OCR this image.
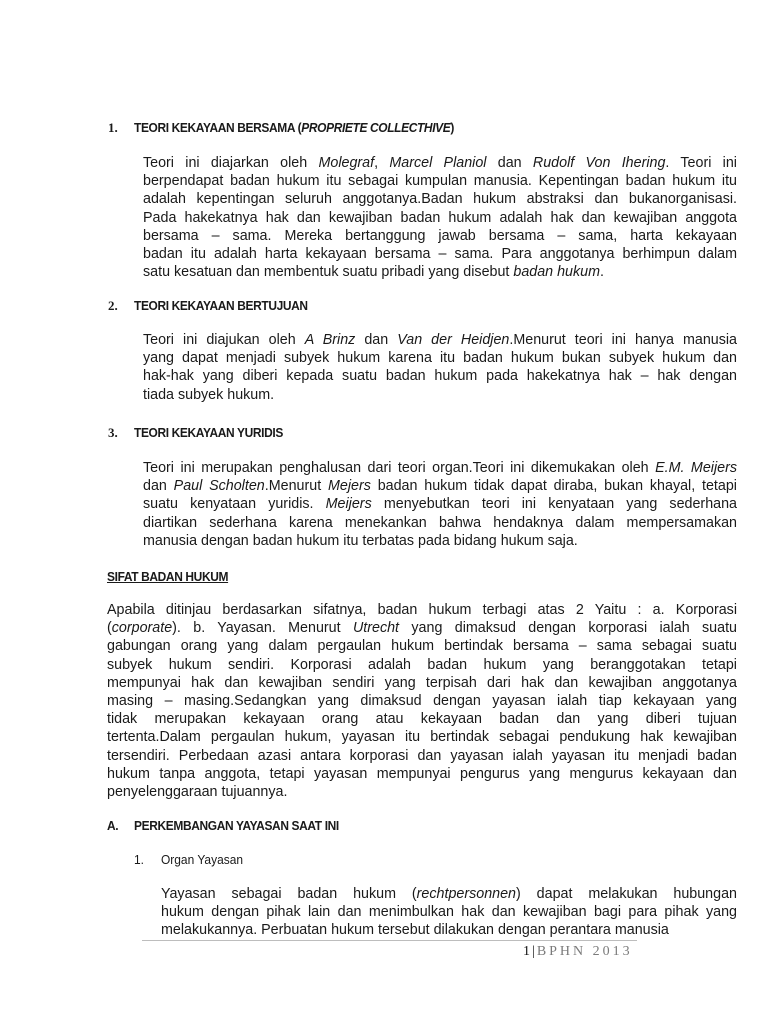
1. TEORI KEKAYAAN BERSAMA (PROPRIETE COLLECTHIVE)
Teori ini diajarkan oleh Molegraf, Marcel Planiol dan Rudolf Von Ihering. Teori ini
berpendapat badan hukum itu sebagai kumpulan manusia. Kepentingan badan hukum itu
adalah kepentingan seluruh anggotanya.Badan hukum abstraksi dan bukanorganisasi.
Pada hakekatnya hak dan kewajiban badan hukum adalah hak dan kewajiban anggota
bersama – sama. Mereka bertanggung jawab bersama – sama, harta kekayaan
badan itu adalah harta kekayaan bersama – sama. Para anggotanya berhimpun dalam
satu kesatuan dan membentuk suatu pribadi yang disebut badan hukum.
2. TEORI KEKAYAAN BERTUJUAN
Teori ini diajukan oleh A Brinz dan Van der Heidjen.Menurut teori ini hanya manusia
yang dapat menjadi subyek hukum karena itu badan hukum bukan subyek hukum dan
hak-hak yang diberi kepada suatu badan hukum pada hakekatnya hak – hak dengan
tiada subyek hukum.
3. TEORI KEKAYAAN YURIDIS
Teori ini merupakan penghalusan dari teori organ.Teori ini dikemukakan oleh E.M. Meijers
dan Paul Scholten.Menurut Mejers badan hukum tidak dapat diraba, bukan khayal, tetapi
suatu kenyataan yuridis. Meijers menyebutkan teori ini kenyataan yang sederhana
diartikan sederhana karena menekankan bahwa hendaknya dalam mempersamakan
manusia dengan badan hukum itu terbatas pada bidang hukum saja.
SIFAT BADAN HUKUM
Apabila ditinjau berdasarkan sifatnya, badan hukum terbagi atas 2 Yaitu : a. Korporasi
(corporate). b. Yayasan. Menurut Utrecht yang dimaksud dengan korporasi ialah suatu
gabungan orang yang dalam pergaulan hukum bertindak bersama – sama sebagai suatu
subyek hukum sendiri. Korporasi adalah badan hukum yang beranggotakan tetapi
mempunyai hak dan kewajiban sendiri yang terpisah dari hak dan kewajiban anggotanya
masing – masing.Sedangkan yang dimaksud dengan yayasan ialah tiap kekayaan yang
tidak merupakan kekayaan orang atau kekayaan badan dan yang diberi tujuan
tertenta.Dalam pergaulan hukum, yayasan itu bertindak sebagai pendukung hak kewajiban
tersendiri. Perbedaan azasi antara korporasi dan yayasan ialah yayasan itu menjadi badan
hukum tanpa anggota, tetapi yayasan mempunyai pengurus yang mengurus kekayaan dan
penyelenggaraan tujuannya.
A. PERKEMBANGAN YAYASAN SAAT INI
1. Organ Yayasan
Yayasan sebagai badan hukum (rechtpersonnen) dapat melakukan hubungan
hukum dengan pihak lain dan menimbulkan hak dan kewajiban bagi para pihak yang
melakukannya. Perbuatan hukum tersebut dilakukan dengan perantara manusia
1 | BPHN 2013
